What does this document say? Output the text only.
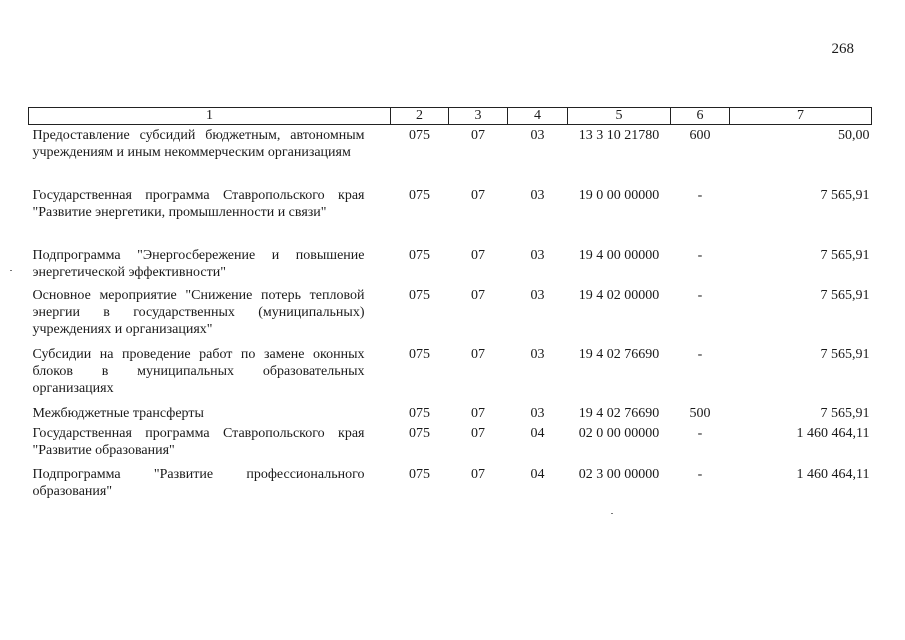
268
1	2	3	4	5	6	7
Предоставление субсидий бюджетным, автономным учреждениям и иным некоммерческим организациям	075	07	03	13 3 10 21780	600	50,00
Государственная программа Ставропольского края "Развитие энергетики, промышленности и связи"	075	07	03	19 0 00 00000	-	7 565,91
Подпрограмма "Энергосбережение и повышение энергетической эффективности"	075	07	03	19 4 00 00000	-	7 565,91
Основное мероприятие "Снижение потерь тепловой энергии в государственных (муниципальных) учреждениях и организациях"	075	07	03	19 4 02 00000	-	7 565,91
Субсидии на проведение работ по замене оконных блоков в муниципальных образовательных организациях	075	07	03	19 4 02 76690	-	7 565,91
Межбюджетные трансферты	075	07	03	19 4 02 76690	500	7 565,91
Государственная программа Ставропольского края "Развитие образования"	075	07	04	02 0 00 00000	-	1 460 464,11
Подпрограмма "Развитие профессионального образования"	075	07	04	02 3 00 00000	-	1 460 464,11
